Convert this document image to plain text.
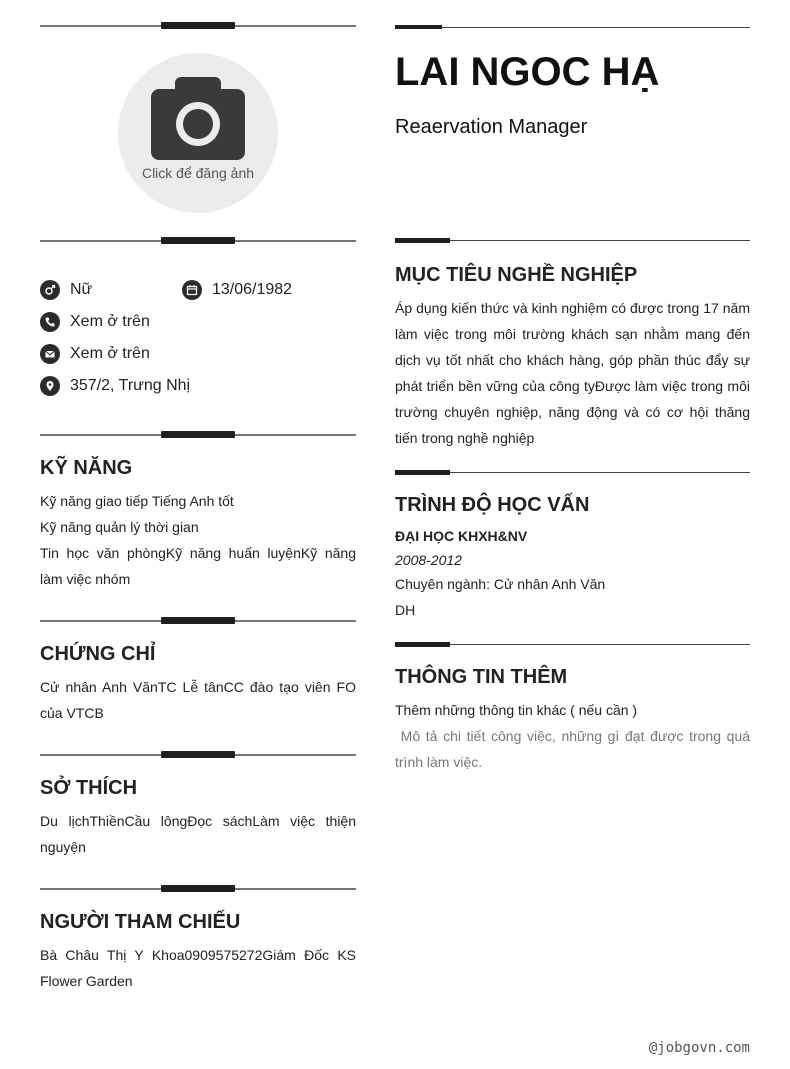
Click để đăng ảnh
Nữ	13/06/1982
Xem ở trên
Xem ở trên
357/2, Trưng Nhị
KỸ NĂNG
Kỹ năng giao tiếp Tiếng Anh tốt
Kỹ năng quản lý thời gian
Tin học văn phòngKỹ năng huấn luyệnKỹ năng làm việc nhóm
CHỨNG CHỈ
Cử nhân Anh VănTC Lễ tânCC đào tạo viên FO của VTCB
SỞ THÍCH
Du lịchThiềnCầu lôngĐọc sáchLàm việc thiện nguyện
NGƯỜI THAM CHIẾU
Bà Châu Thị Y Khoa0909575272Giám Đốc KS Flower Garden
LAI NGOC HẠ
Reaervation Manager
MỤC TIÊU NGHỀ NGHIỆP
Áp dụng kiến thức và kinh nghiệm có được trong 17 năm làm việc trong môi trường khách sạn nhằm mang đến dịch vụ tốt nhất cho khách hàng, góp phần thúc đẩy sự phát triển bền vững của công tyĐược làm việc trong môi trường chuyên nghiệp, năng động và có cơ hội thăng tiến trong nghề nghiệp
TRÌNH ĐỘ HỌC VẤN
ĐẠI HỌC KHXH&NV
2008-2012
Chuyên ngành: Cử nhân Anh Văn
DH
THÔNG TIN THÊM
Thêm những thông tin khác ( nếu cần )
Mô tả chi tiết công việc, những gì đạt được trong quá trình làm việc.
@jobgovn.com
